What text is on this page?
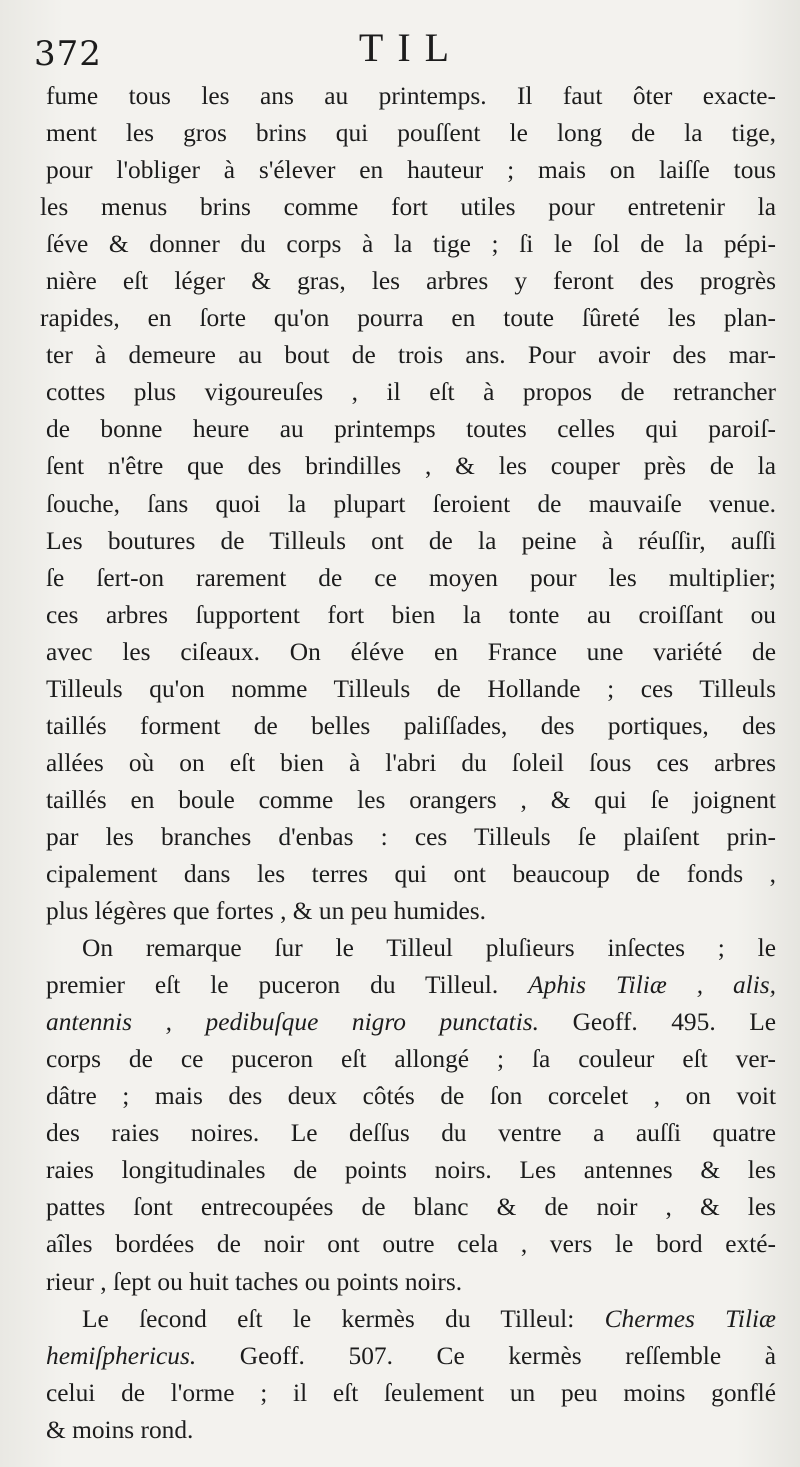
372	TIL
fume tous les ans au printemps. Il faut ôter exacte-
ment les gros brins qui pouſſent le long de la tige,
pour l'obliger à s'élever en hauteur ; mais on laiſſe tous
les menus brins comme fort utiles pour entretenir la
ſéve & donner du corps à la tige ; ſi le ſol de la pépi-
nière eſt léger & gras, les arbres y feront des progrès
rapides, en ſorte qu'on pourra en toute ſûreté les plan-
ter à demeure au bout de trois ans. Pour avoir des mar-
cottes plus vigoureuſes , il eſt à propos de retrancher
de bonne heure au printemps toutes celles qui paroiſ-
ſent n'être que des brindilles , & les couper près de la
ſouche, ſans quoi la plupart ſeroient de mauvaiſe venue.
Les boutures de Tilleuls ont de la peine à réuſſir, auſſi
ſe ſert-on rarement de ce moyen pour les multiplier;
ces arbres ſupportent fort bien la tonte au croiſſant ou
avec les ciſeaux. On éléve en France une variété de
Tilleuls qu'on nomme Tilleuls de Hollande ; ces Tilleuls
taillés forment de belles paliſſades, des portiques, des
allées où on eſt bien à l'abri du ſoleil ſous ces arbres
taillés en boule comme les orangers , & qui ſe joignent
par les branches d'enbas : ces Tilleuls ſe plaiſent prin-
cipalement dans les terres qui ont beaucoup de fonds ,
plus légères que fortes , & un peu humides.
On remarque ſur le Tilleul pluſieurs inſectes ; le
premier eſt le puceron du Tilleul. Aphis Tiliæ , alis,
antennis , pedibuſque nigro punctatis. Geoff. 495. Le
corps de ce puceron eſt allongé ; ſa couleur eſt ver-
dâtre ; mais des deux côtés de ſon corcelet , on voit
des raies noires. Le deſſus du ventre a auſſi quatre
raies longitudinales de points noirs. Les antennes & les
pattes ſont entrecoupées de blanc & de noir , & les
aîles bordées de noir ont outre cela , vers le bord exté-
rieur , ſept ou huit taches ou points noirs.
Le ſecond eſt le kermès du Tilleul: Chermes Tiliæ
hemiſphericus. Geoff. 507. Ce kermès reſſemble à
celui de l'orme ; il eſt ſeulement un peu moins gonflé
& moins rond.
